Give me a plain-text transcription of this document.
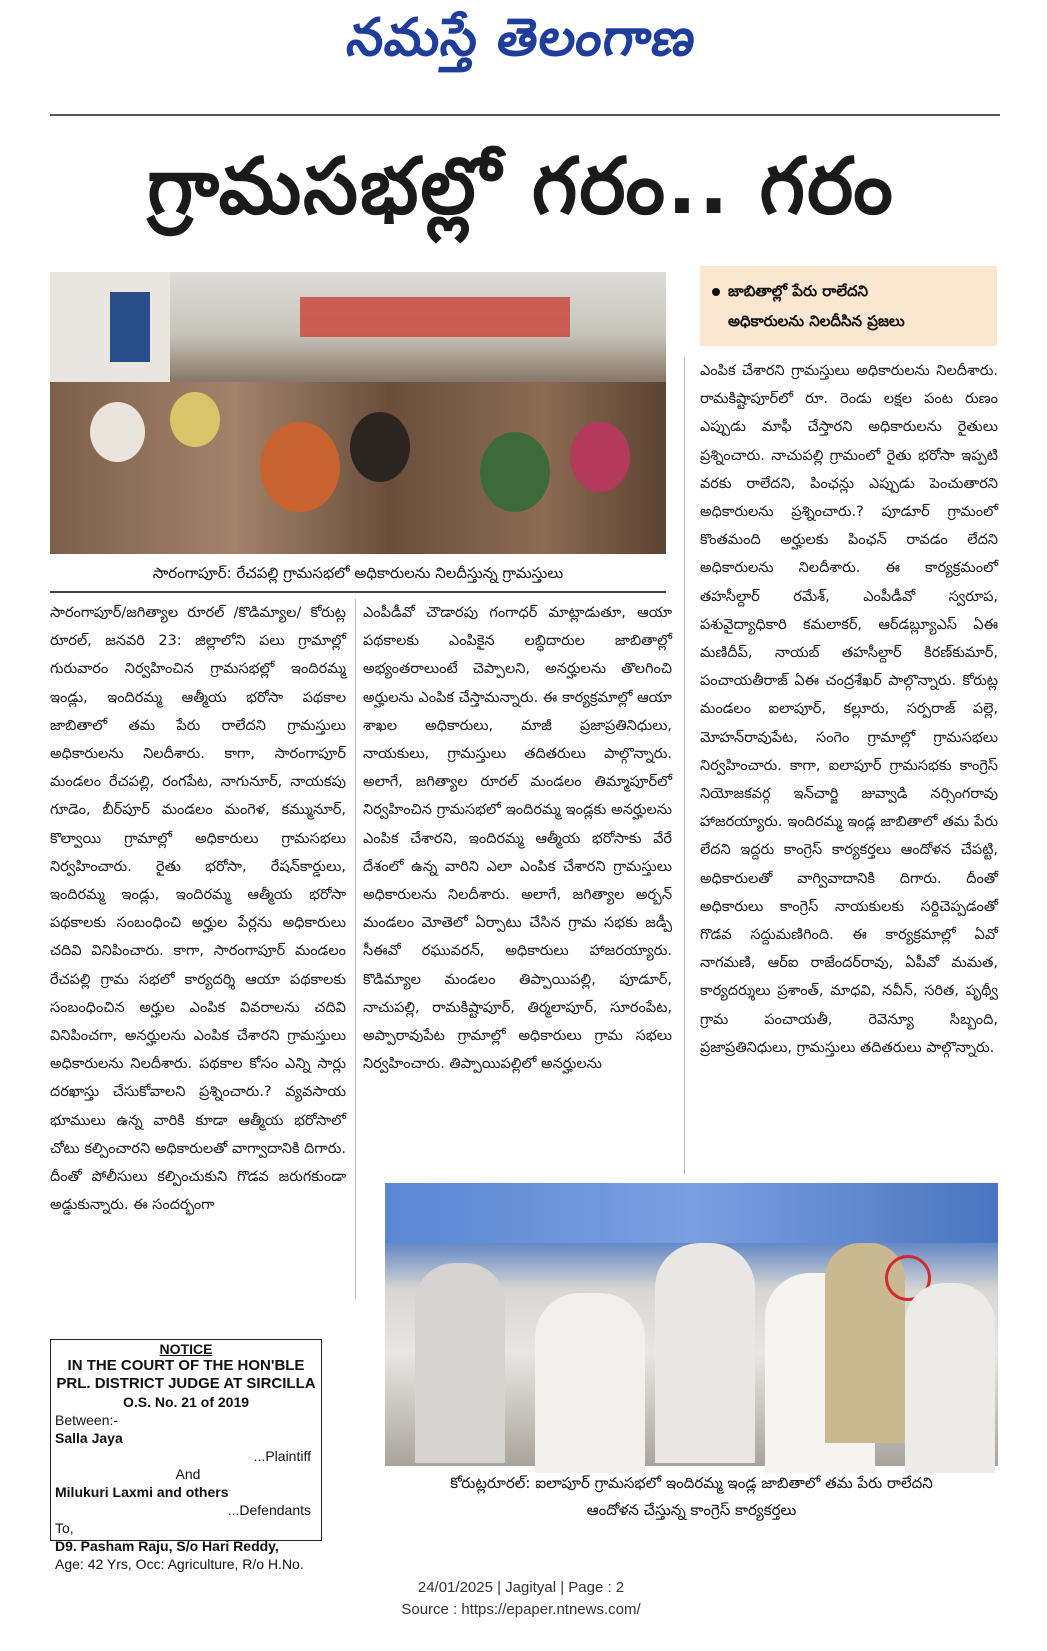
నమస్తే తెలంగాణ
గ్రామసభల్లో గరం.. గరం
సారంగాపూర్: రేచపల్లి గ్రామసభలో అధికారులను నిలదీస్తున్న గ్రామస్తులు
జాబితాల్లో పేరు రాలేదని
అధికారులను నిలదీసిన ప్రజలు

సారంగాపూర్/జగిత్యాల రూరల్ /కొడిమ్యాల/ కోరుట్ల రూరల్, జనవరి 23: జిల్లాలోని పలు గ్రామాల్లో గురువారం నిర్వహించిన గ్రామసభల్లో ఇందిరమ్మ ఇండ్లు, ఇందిరమ్మ ఆత్మీయ భరోసా పథకాల జాబితాలో తమ పేరు రాలేదని గ్రామస్తులు అధికారులను నిలదీశారు. కాగా, సారంగాపూర్ మండలం రేచపల్లి, రంగపేట, నాగునూర్, నాయకపు గూడెం, బీర్‌పూర్ మండలం మంగెళ, కమ్మునూర్, కొల్వాయి గ్రామాల్లో అధికారులు గ్రామసభలు నిర్వహించారు. రైతు భరోసా, రేషన్‌కార్డులు, ఇందిరమ్మ ఇండ్లు, ఇందిరమ్మ ఆత్మీయ భరోసా పథకాలకు సంబంధించి అర్హుల పేర్లను అధికారులు చదివి వినిపించారు. కాగా, సారంగాపూర్ మండలం రేచపల్లి గ్రామ సభలో కార్యదర్శి ఆయా పథకాలకు సంబంధించిన అర్హుల ఎంపిక వివరాలను చదివి వినిపించగా, అనర్హులను ఎంపిక చేశారని గ్రామస్తులు అధికారులను నిలదీశారు. పథకాల కోసం ఎన్ని సార్లు దరఖాస్తు చేసుకోవాలని ప్రశ్నించారు.? వ్యవసాయ భూములు ఉన్న వారికి కూడా ఆత్మీయ భరోసాలో చోటు కల్పించారని అధికారులతో వాగ్వాదానికి దిగారు. దీంతో పోలీసులు కల్పించుకుని గొడవ జరుగకుండా అడ్డుకున్నారు. ఈ సందర్భంగా

ఎంపీడీవో చౌడారపు గంగాధర్ మాట్లాడుతూ, ఆయా పథకాలకు ఎంపికైన లబ్ధిదారుల జాబితాల్లో అభ్యంతరాలుంటే చెప్పాలని, అనర్హులను తొలగించి అర్హులను ఎంపిక చేస్తామన్నారు. ఈ కార్యక్రమాల్లో ఆయా శాఖల అధికారులు, మాజీ ప్రజాప్రతినిధులు, నాయకులు, గ్రామస్తులు తదితరులు పాల్గొన్నారు. అలాగే, జగిత్యాల రూరల్ మండలం తిమ్మాపూర్‌లో నిర్వహించిన గ్రామసభలో ఇందిరమ్మ ఇండ్లకు అనర్హులను ఎంపిక చేశారని, ఇందిరమ్మ ఆత్మీయ భరోసాకు వేరే దేశంలో ఉన్న వారిని ఎలా ఎంపిక చేశారని గ్రామస్తులు అధికారులను నిలదీశారు. అలాగే, జగిత్యాల అర్బన్ మండలం మోతెలో ఏర్పాటు చేసిన గ్రామ సభకు జడ్పీ సీఈవో రఘువరన్, అధికారులు హాజరయ్యారు. కొడిమ్యాల మండలం తిప్పాయిపల్లి, పూడూర్, నాచుపల్లి, రామకిష్టాపూర్, తిర్మలాపూర్, సూరంపేట, అప్పారావుపేట గ్రామాల్లో అధికారులు గ్రామ సభలు నిర్వహించారు. తిప్పాయిపల్లిలో అనర్హులను

ఎంపిక చేశారని గ్రామస్తులు అధికారులను నిలదీశారు. రామకిష్టాపూర్‌లో రూ. రెండు లక్షల పంట రుణం ఎప్పుడు మాఫీ చేస్తారని అధికారులను రైతులు ప్రశ్నించారు. నాచుపల్లి గ్రామంలో రైతు భరోసా ఇప్పటి వరకు రాలేదని, పింఛన్లు ఎప్పుడు పెంచుతారని అధికారులను ప్రశ్నించారు.? పూడూర్ గ్రామంలో కొంతమంది అర్హులకు పింఛన్ రావడం లేదని అధికారులను నిలదీశారు. ఈ కార్యక్రమంలో తహసీల్దార్ రమేశ్, ఎంపీడీవో స్వరూప, పశువైద్యాధికారి కమలాకర్, ఆర్‌డబ్ల్యూఎస్ ఏఈ మణిదీప్, నాయబ్ తహసీల్దార్ కిరణ్‌కుమార్, పంచాయతీరాజ్ ఏఈ చంద్రశేఖర్ పాల్గొన్నారు. కోరుట్ల మండలం ఐలాపూర్, కల్లూరు, సర్పరాజ్ పల్లె, మోహన్‌రావుపేట, సంగెం గ్రామాల్లో గ్రామసభలు నిర్వహించారు. కాగా, ఐలాపూర్ గ్రామసభకు కాంగ్రెస్ నియోజకవర్గ ఇన్‌చార్జి జువ్వాడి నర్సింగరావు హాజరయ్యారు. ఇందిరమ్మ ఇండ్ల జాబితాలో తమ పేరు లేదని ఇద్దరు కాంగ్రెస్ కార్యకర్తలు ఆందోళన చేపట్టి, అధికారులతో వాగ్వివాదానికి దిగారు. దీంతో అధికారులు కాంగ్రెస్ నాయకులకు సర్దిచెప్పడంతో గొడవ సద్దుమణిగింది. ఈ కార్యక్రమాల్లో ఏవో నాగమణి, ఆర్ఐ రాజేందర్‌రావు, ఏపీవో మమత, కార్యదర్శులు ప్రశాంత్, మాధవి, నవీన్, సరిత, పృథ్వీ గ్రామ పంచాయతీ, రెవెన్యూ సిబ్బంది, ప్రజాప్రతినిధులు, గ్రామస్తులు తదితరులు పాల్గొన్నారు.

కోరుట్లరూరల్: ఐలాపూర్ గ్రామసభలో ఇందిరమ్మ ఇండ్ల జాబితాలో తమ పేరు రాలేదని
ఆందోళన చేస్తున్న కాంగ్రెస్ కార్యకర్తలు
NOTICE
IN THE COURT OF THE HON'BLE
PRL. DISTRICT JUDGE AT SIRCILLA
O.S. No. 21 of 2019
Between:-
Salla Jaya
...Plaintiff
And
Milukuri Laxmi and others
...Defendants
To,
D9. Pasham Raju, S/o Hari Reddy,
Age: 42 Yrs, Occ: Agriculture, R/o H.No.
24/01/2025 | Jagityal | Page : 2
Source : https://epaper.ntnews.com/
